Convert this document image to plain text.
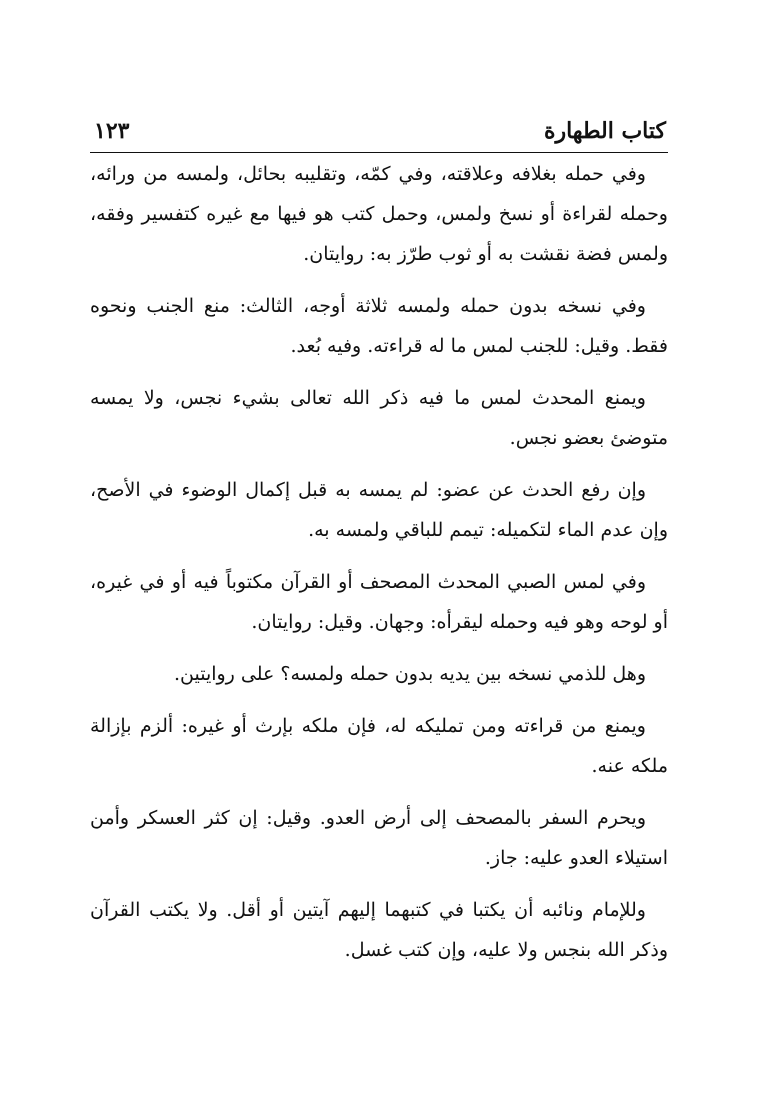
كتاب الطهارة
١٢٣

وفي حمله بغلافه وعلاقته، وفي كمّه، وتقليبه بحائل، ولمسه من ورائه، وحمله لقراءة أو نسخ ولمس، وحمل كتب هو فيها مع غيره كتفسير وفقه، ولمس فضة نقشت به أو ثوب طرّز به: روايتان.

وفي نسخه بدون حمله ولمسه ثلاثة أوجه، الثالث: منع الجنب ونحوه فقط. وقيل: للجنب لمس ما له قراءته. وفيه بُعد.

ويمنع المحدث لمس ما فيه ذكر الله تعالى بشيء نجس، ولا يمسه متوضئ بعضو نجس.

وإن رفع الحدث عن عضو: لم يمسه به قبل إكمال الوضوء في الأصح، وإن عدم الماء لتكميله: تيمم للباقي ولمسه به.

وفي لمس الصبي المحدث المصحف أو القرآن مكتوباً فيه أو في غيره، أو لوحه وهو فيه وحمله ليقرأه: وجهان. وقيل: روايتان.

وهل للذمي نسخه بين يديه بدون حمله ولمسه؟ على روايتين.

ويمنع من قراءته ومن تمليكه له، فإن ملكه بإرث أو غيره: ألزم بإزالة ملكه عنه.

ويحرم السفر بالمصحف إلى أرض العدو. وقيل: إن كثر العسكر وأمن استيلاء العدو عليه: جاز.

وللإمام ونائبه أن يكتبا في كتبهما إليهم آيتين أو أقل. ولا يكتب القرآن وذكر الله بنجس ولا عليه، وإن كتب غسل.
